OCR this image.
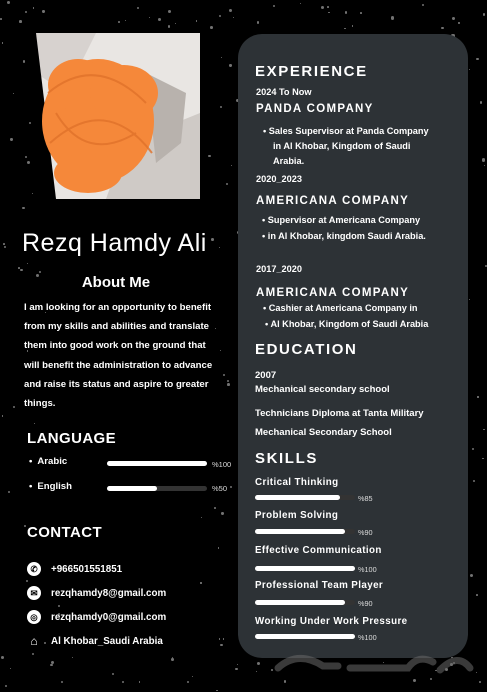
Rezq Hamdy Ali
About Me
I am looking for an opportunity to benefit
from my skills and abilities and translate
them into good work on the ground that
will benefit the administration to advance
and raise its status and aspire to greater
things.
LANGUAGE
• Arabic	%100
• English	%50
CONTACT
✆	+966501551851
✉	rezqhamdy8@gmail.com
◎	rezqhamdy0@gmail.com
⌂	Al Khobar_Saudi Arabia
EXPERIENCE
2024 To Now
PANDA COMPANY
• Sales Supervisor at Panda Company
in Al Khobar, Kingdom of Saudi
Arabia.
2020_2023
AMERICANA COMPANY
• Supervisor at Americana Company
• in Al Khobar, kingdom Saudi Arabia.
2017_2020
AMERICANA COMPANY
• Cashier at Americana Company in
• Al Khobar, Kingdom of Saudi Arabia
EDUCATION
2007
Mechanical secondary school
Technicians Diploma at Tanta Military
Mechanical Secondary School
SKILLS
Critical Thinking
%85
Problem Solving
%90
Effective Communication
%100
Professional Team Player
%90
Working Under Work Pressure
%100
